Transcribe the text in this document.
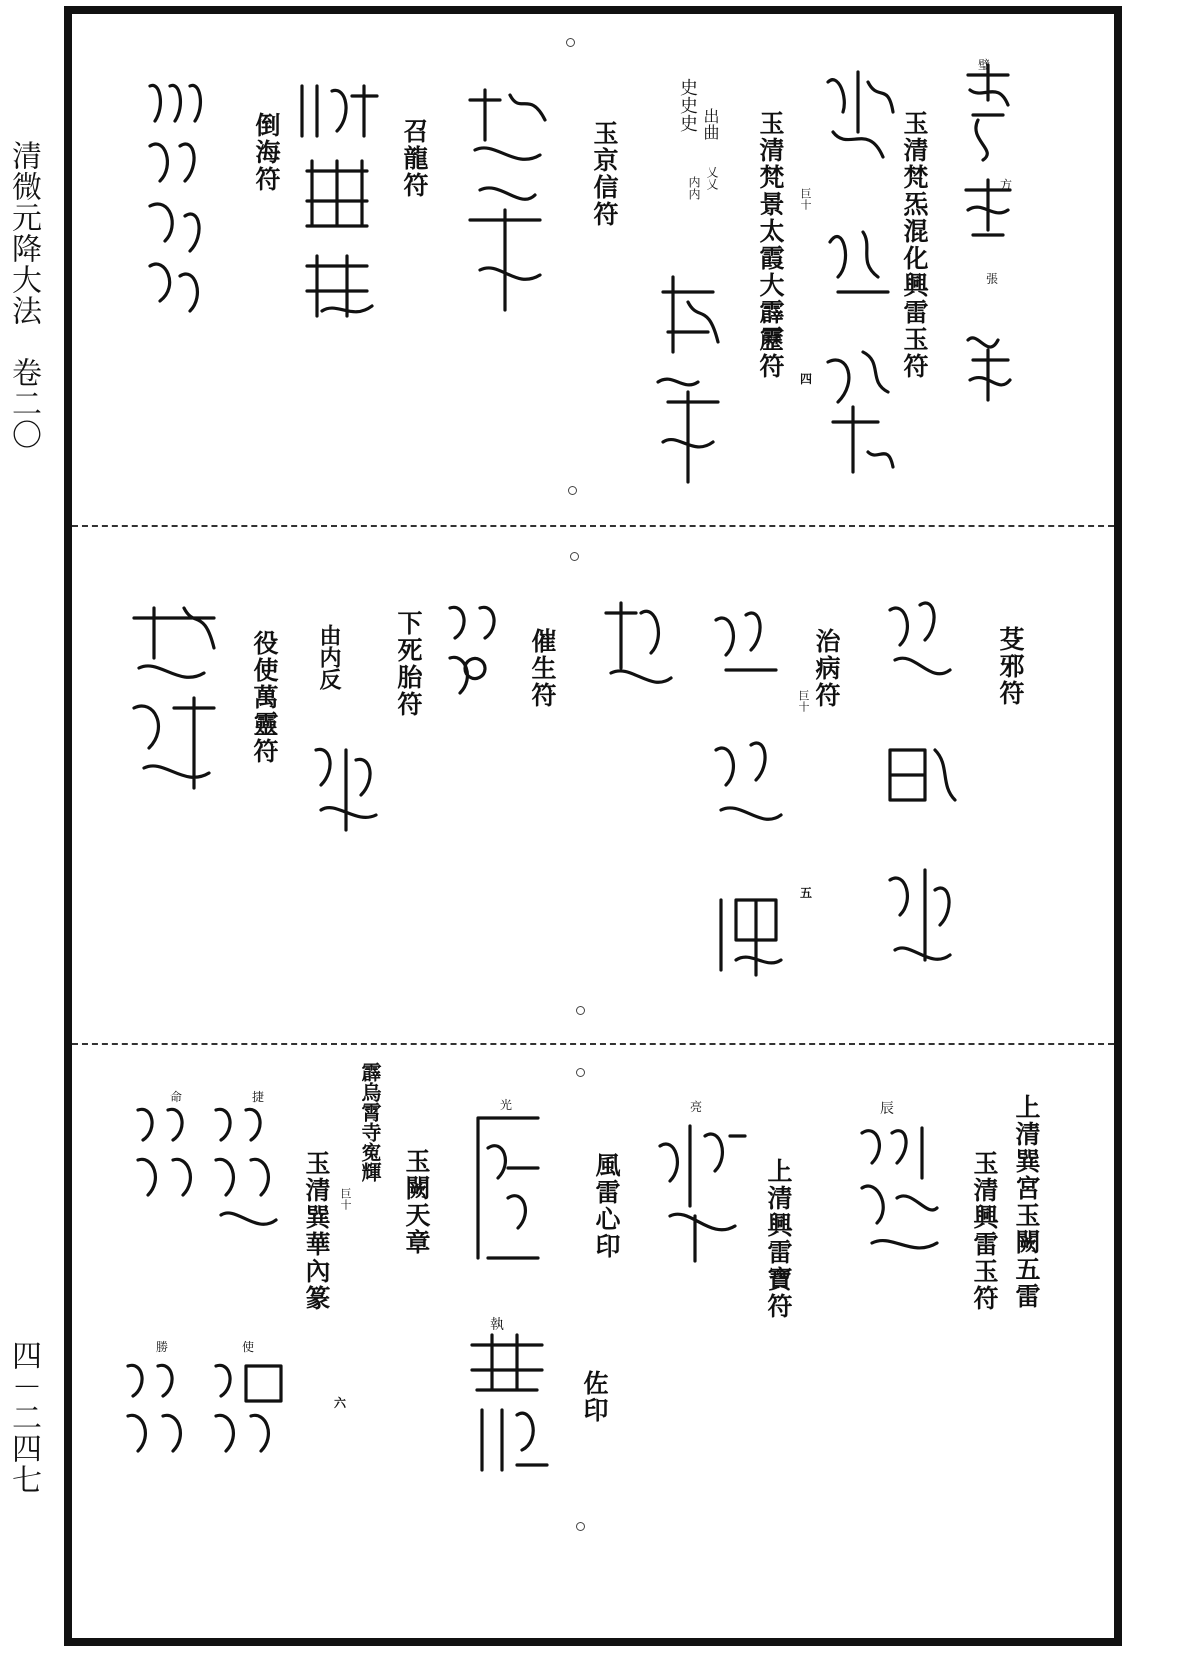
清微元降大法　卷二〇
四－二四七
璧
方
張
玉清梵炁混化興雷玉符
玉清梵景太霞大霹靂符 巨十
四
玉京信符
召龍符
倒海符	出曲
史史史
乂乂
内内
芟邪符
治病符
巨十
五
催生符
下死胎符
由内反
役使萬靈符
上清巽宮玉闕五雷
玉清興雷玉符
辰
上清興雷寶符
亮
風雷心印
佐印
光
執
玉闕天章
霹烏霄寺寃輝
玉清巽華內篆 巨十
六
捷
命
使
勝
